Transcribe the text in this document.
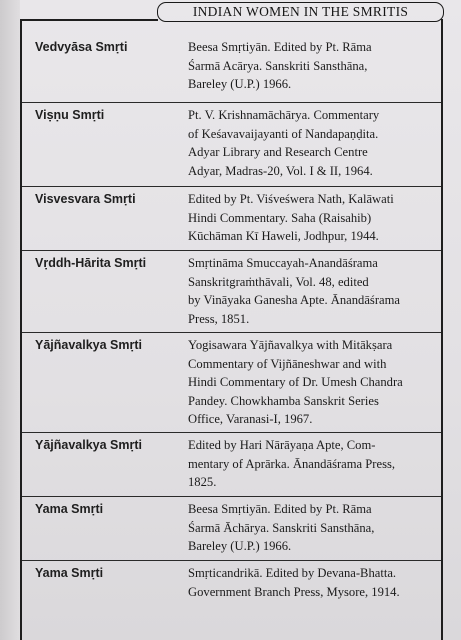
INDIAN WOMEN IN THE SMRITIS
Vedvyāsa Smṛti	Beesa Smṛtiyān. Edited by Pt. Rāma
Śarmā Acārya. Sanskriti Sansthāna,
Bareley (U.P.) 1966.
Viṣṇu Smṛti	Pt. V. Krishnamāchārya. Commentary
of Keśavavaijayanti of Nandapaṇḍita.
Adyar Library and Research Centre
Adyar, Madras-20, Vol. I & II, 1964.
Visvesvara Smṛti	Edited by Pt. Viśveśwera Nath, Kalāwati
Hindi Commentary. Saha (Raisahib)
Kūchāman Kī Haweli, Jodhpur, 1944.
Vṛddh-Hārita Smṛti	Smṛtināma Smuccayah-Anandāśrama
Sanskritgraṁthāvali, Vol. 48, edited
by Vināyaka Ganesha Apte. Ānandāśrama
Press, 1851.
Yājñavalkya Smṛti	Yogisawara Yājñavalkya with Mitākṣara
Commentary of Vijñāneshwar and with
Hindi Commentary of Dr. Umesh Chandra
Pandey. Chowkhamba Sanskrit Series
Office, Varanasi-I, 1967.
Yājñavalkya Smṛti	Edited by Hari Nārāyaṇa Apte, Com-
mentary of Aprārka. Ānandāśrama Press,
1825.
Yama Smṛti	Beesa Smṛtiyān. Edited by Pt. Rāma
Śarmā Āchārya. Sanskriti Sansthāna,
Bareley (U.P.) 1966.
Yama Smṛti	Smṛticandrikā. Edited by Devana-Bhatta.
Government Branch Press, Mysore, 1914.
